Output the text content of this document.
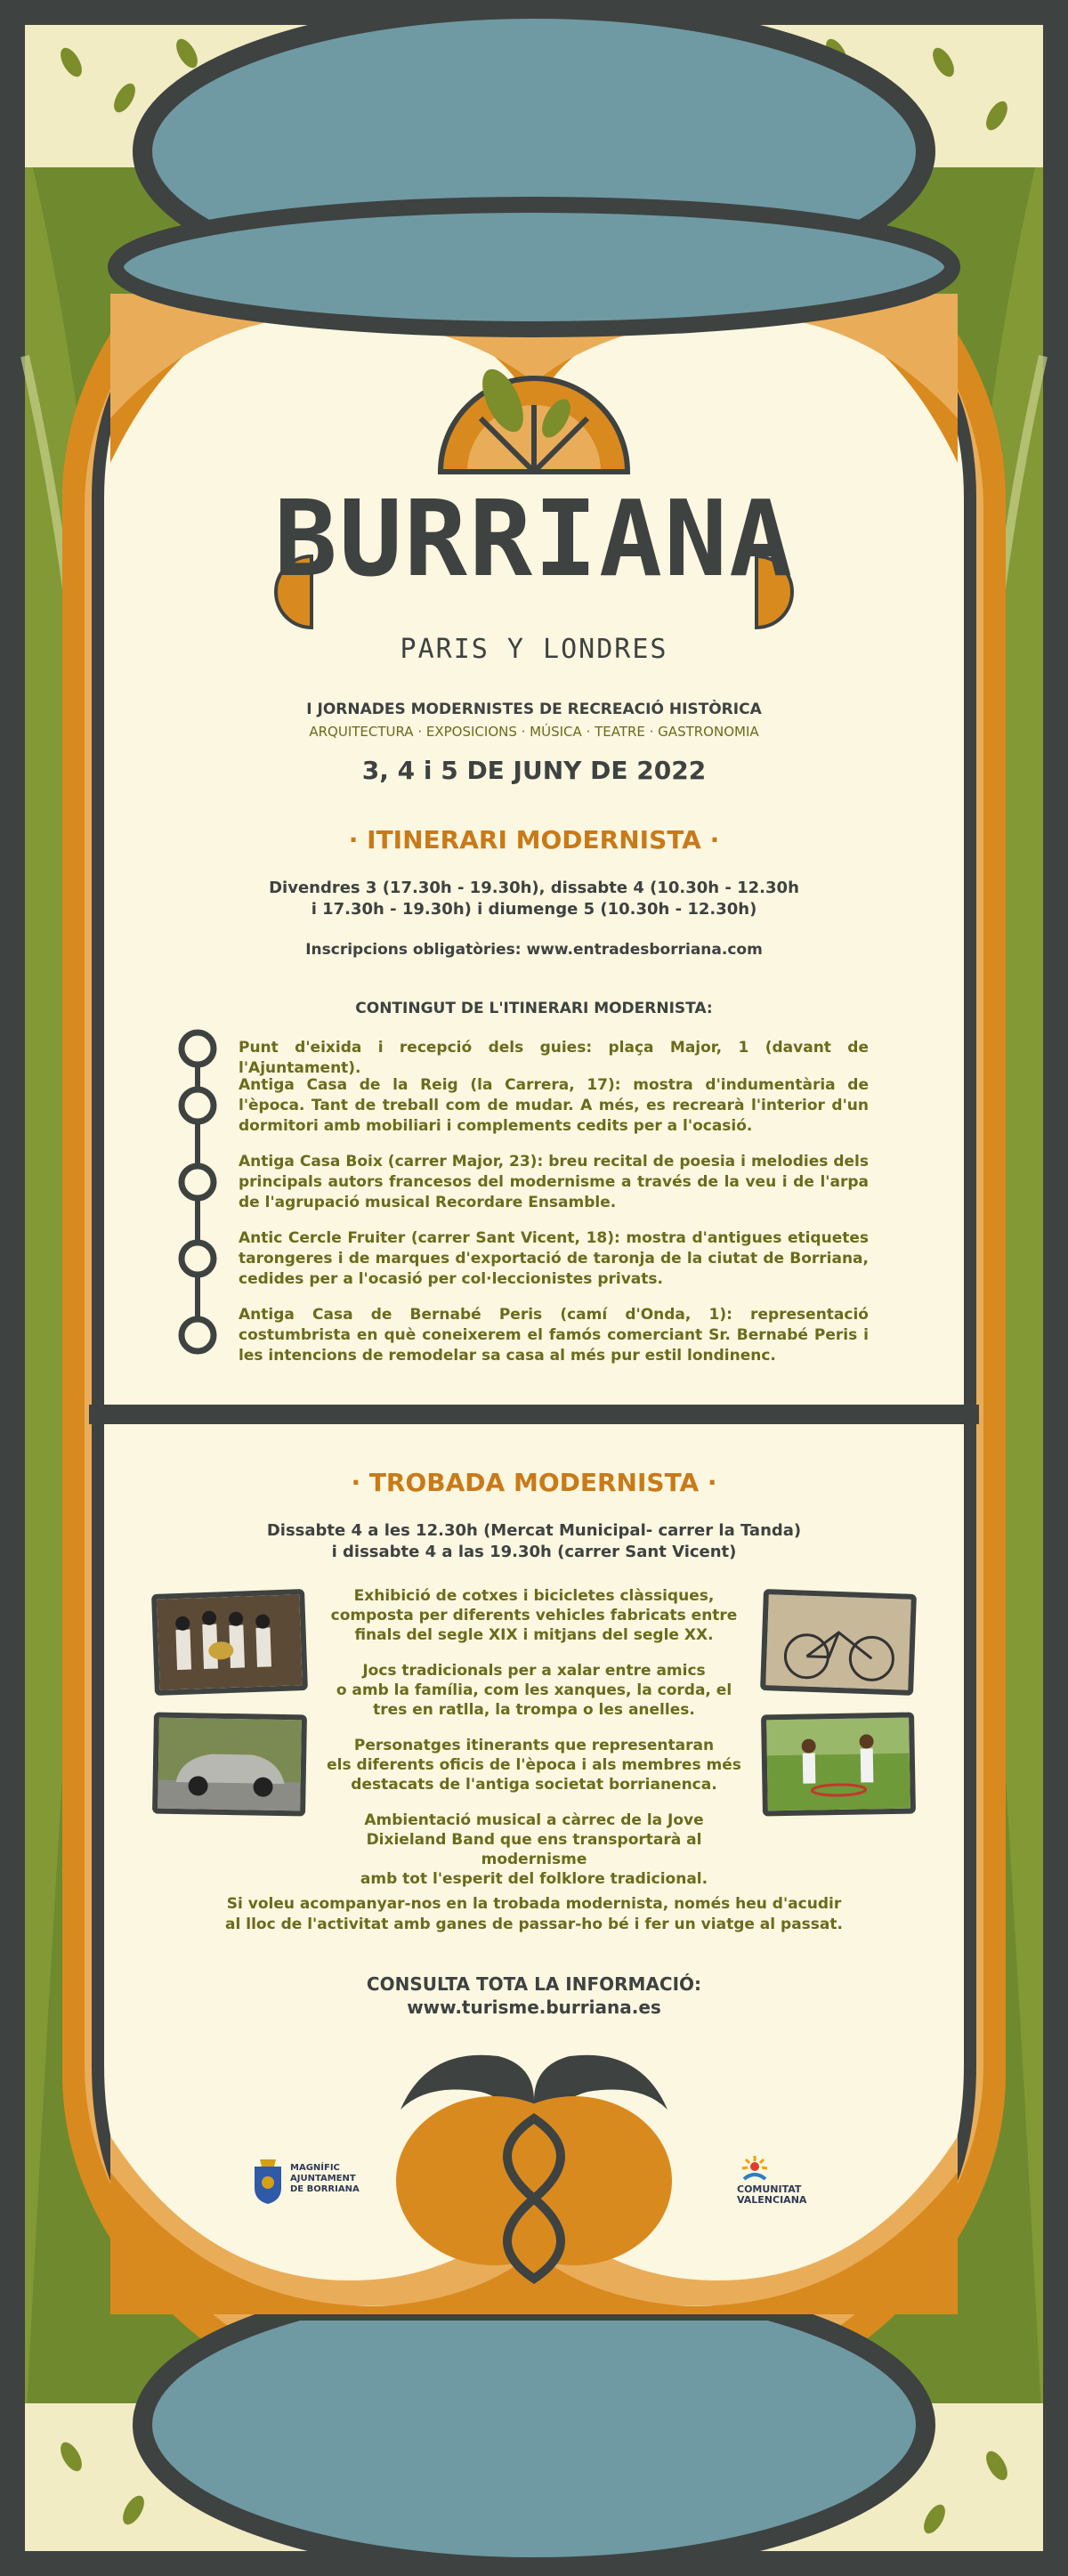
BURRIANA
PARIS Y LONDRES
I JORNADES MODERNISTES DE RECREACIÓ HISTÒRICA
ARQUITECTURA · EXPOSICIONS · MÚSICA · TEATRE · GASTRONOMIA
3, 4 i 5 DE JUNY DE 2022
· ITINERARI MODERNISTA ·
Divendres 3 (17.30h - 19.30h), dissabte 4 (10.30h - 12.30h
i 17.30h - 19.30h) i diumenge 5 (10.30h - 12.30h)
Inscripcions obligatòries: www.entradesborriana.com
CONTINGUT DE L'ITINERARI MODERNISTA:
Punt d'eixida i recepció dels guies: plaça Major, 1 (davant de l'Ajuntament).
Antiga Casa de la Reig (la Carrera, 17): mostra d'indumentària de l'època. Tant de treball com de mudar. A més, es recrearà l'interior d'un dormitori amb mobiliari i complements cedits per a l'ocasió.
Antiga Casa Boix (carrer Major, 23): breu recital de poesia i melodies dels principals autors francesos del modernisme a través de la veu i de l'arpa de l'agrupació musical Recordare Ensamble.
Antic Cercle Fruiter (carrer Sant Vicent, 18): mostra d'antigues etiquetes tarongeres i de marques d'exportació de taronja de la ciutat de Borriana, cedides per a l'ocasió per col·leccionistes privats.
Antiga Casa de Bernabé Peris (camí d'Onda, 1): representació costumbrista en què coneixerem el famós comerciant Sr. Bernabé Peris i les intencions de remodelar sa casa al més pur estil londinenc.
· TROBADA MODERNISTA ·
Dissabte 4 a les 12.30h (Mercat Municipal- carrer la Tanda)
i dissabte 4 a las 19.30h (carrer Sant Vicent)
Exhibició de cotxes i bicicletes clàssiques,
composta per diferents vehicles fabricats entre
finals del segle XIX i mitjans del segle XX.
Jocs tradicionals per a xalar entre amics
o amb la família, com les xanques, la corda, el
tres en ratlla, la trompa o les anelles.
Personatges itinerants que representaran
els diferents oficis de l'època i als membres més
destacats de l'antiga societat borrianenca.
Ambientació musical a càrrec de la Jove
Dixieland Band que ens transportarà al modernisme
amb tot l'esperit del folklore tradicional.
Si voleu acompanyar-nos en la trobada modernista, només heu d'acudir
al lloc de l'activitat amb ganes de passar-ho bé i fer un viatge al passat.
CONSULTA TOTA LA INFORMACIÓ:
www.turisme.burriana.es
MAGNÍFIC
AJUNTAMENT
DE BORRIANA	COMUNITAT
VALENCIANA
